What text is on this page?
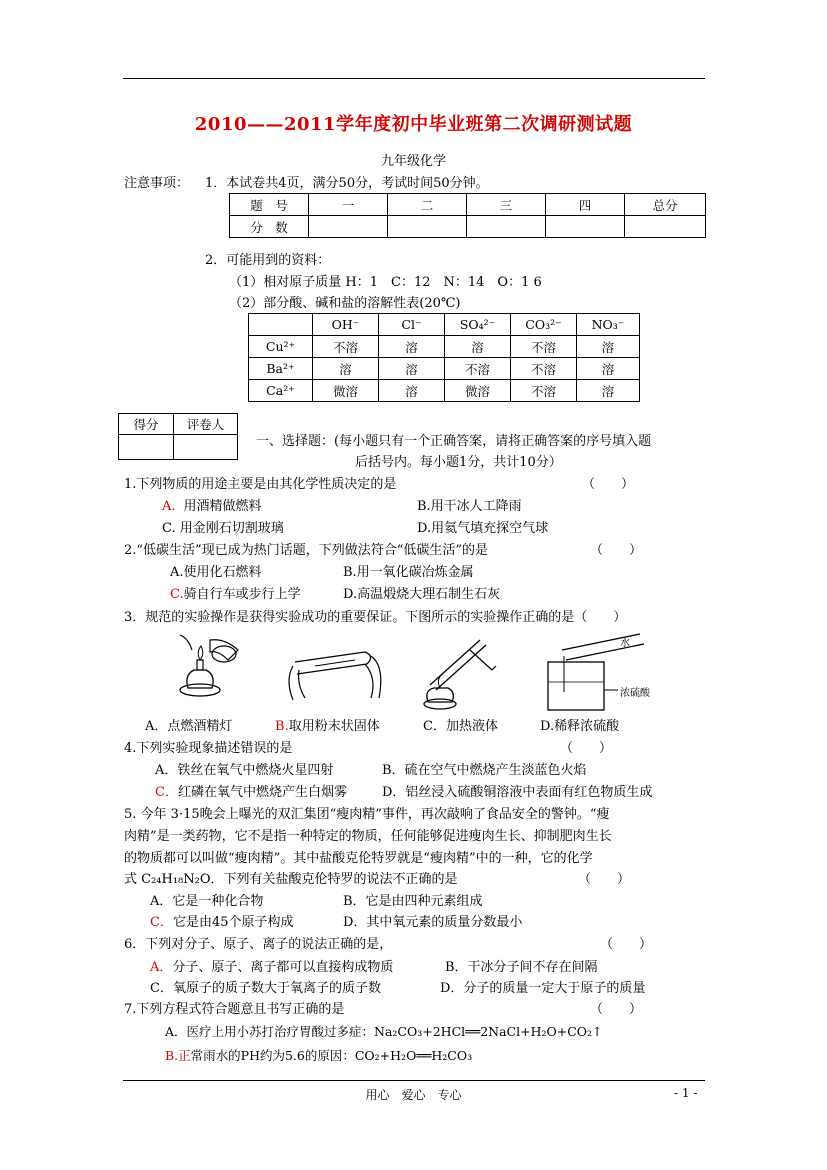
2010——2011学年度初中毕业班第二次调研测试题
九年级化学
注意事项： 1．本试卷共4页，满分50分，考试时间50分钟。
题　号	一	二	三	四	总分
分　数					
2．可能用到的资料：
（1）相对原子质量 H：1　C：12　N：14　O：1 6
（2）部分酸、碱和盐的溶解性表(20℃)
	OH⁻	Cl⁻	SO₄²⁻	CO₃²⁻	NO₃⁻
Cu²⁺	不溶	溶	溶	不溶	溶
Ba²⁺	溶	溶	不溶	不溶	溶
Ca²⁺	微溶	溶	微溶	不溶	溶
得分	评卷人

一、选择题：(每小题只有一个正确答案，请将正确答案的序号填入题
后括号内。每小题1分，共计10分）
1.下列物质的用途主要是由其化学性质决定的是	（　　）
A. 用酒精做燃料	B.用干冰人工降雨
C. 用金刚石切割玻璃	D.用氦气填充探空气球
2.“低碳生活”现已成为热门话题，下列做法符合“低碳生活”的是	（　　）
A.使用化石燃料	B.用一氧化碳冶炼金属
C.骑自行车或步行上学	D.高温煅烧大理石制生石灰
3．规范的实验操作是获得实验成功的重要保证。下图所示的实验操作正确的是（　　）
水
浓硫酸
A．点燃酒精灯	B.取用粉末状固体	C．加热液体	D.稀释浓硫酸
4.下列实验现象描述错误的是	（　　）
A．铁丝在氧气中燃烧火星四射	B．硫在空气中燃烧产生淡蓝色火焰
C．红磷在氧气中燃烧产生白烟雾	D．铝丝浸入硫酸铜溶液中表面有红色物质生成
5. 今年 3·15晚会上曝光的双汇集团“瘦肉精”事件，再次敲响了食品安全的警钟。“瘦
肉精”是一类药物，它不是指一种特定的物质，任何能够促进瘦肉生长、抑制肥肉生长
的物质都可以叫做“瘦肉精”。其中盐酸克伦特罗就是“瘦肉精”中的一种，它的化学
式 C₂₄H₁₈N₂O．下列有关盐酸克伦特罗的说法不正确的是	（　　）
A．它是一种化合物	B．它是由四种元素组成
C．它是由45个原子构成	D．其中氧元素的质量分数最小
6．下列对分子、原子、离子的说法正确的是，	（　　）
A．分子、原子、离子都可以直接构成物质	B．干冰分子间不存在间隔
C．氧原子的质子数大于氧离子的质子数	D．分子的质量一定大于原子的质量
7.下列方程式符合题意且书写正确的是	（　　）
A．医疗上用小苏打治疗胃酸过多症：Na₂CO₃+2HCl══2NaCl+H₂O+CO₂↑
B.正常雨水的PH约为5.6的原因：CO₂+H₂O══H₂CO₃
用心　爱心　专心	- 1 -
